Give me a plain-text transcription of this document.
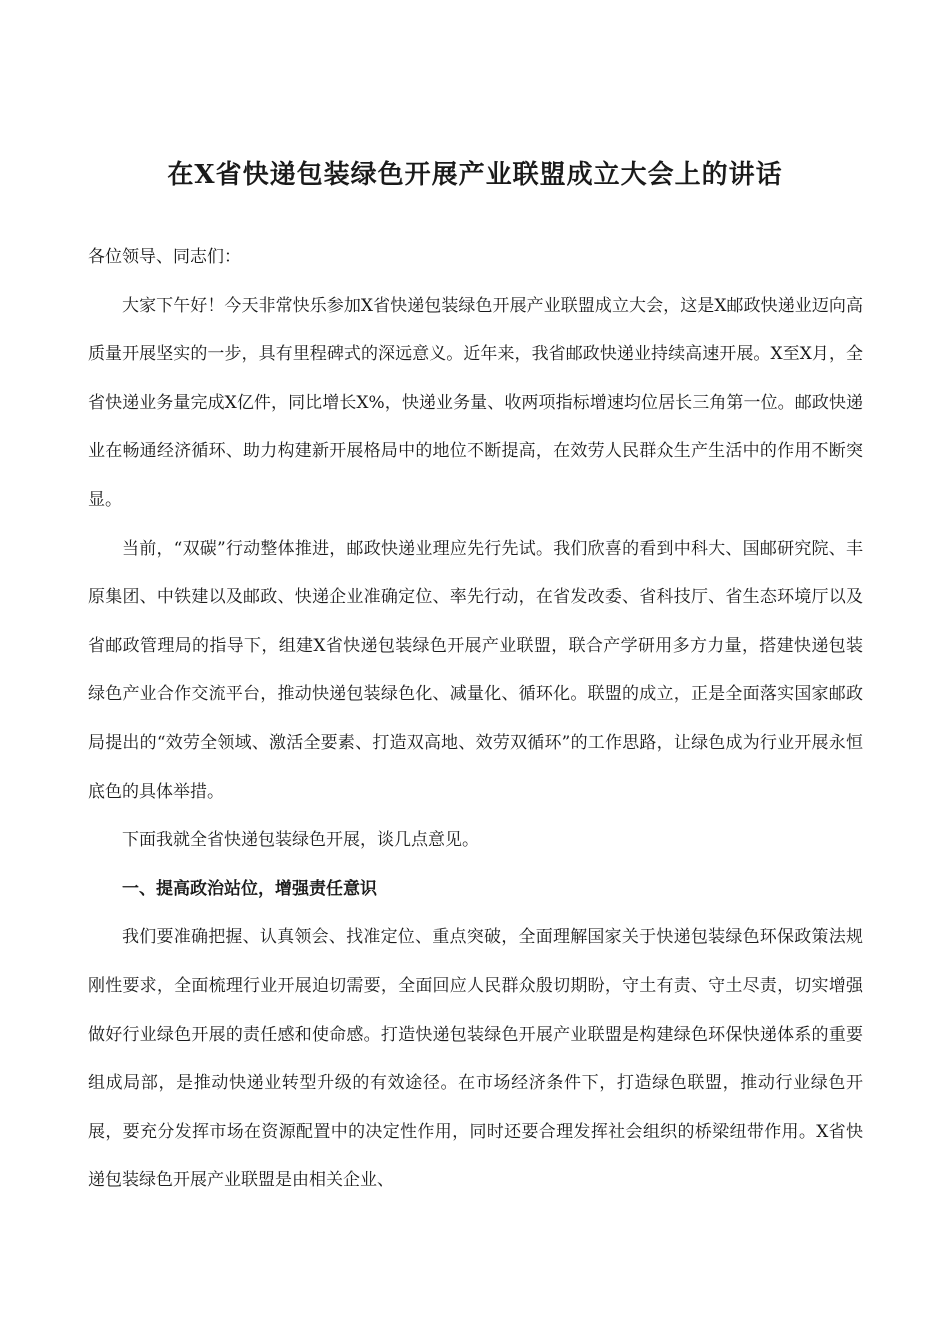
在X省快递包装绿色开展产业联盟成立大会上的讲话

各位领导、同志们：

大家下午好！今天非常快乐参加X省快递包装绿色开展产业联盟成立大会，这是X邮政快递业迈向高质量开展坚实的一步，具有里程碑式的深远意义。近年来，我省邮政快递业持续高速开展。X至X月，全省快递业务量完成X亿件，同比增长X%，快递业务量、收两项指标增速均位居长三角第一位。邮政快递业在畅通经济循环、助力构建新开展格局中的地位不断提高，在效劳人民群众生产生活中的作用不断突显。

当前，“双碳”行动整体推进，邮政快递业理应先行先试。我们欣喜的看到中科大、国邮研究院、丰原集团、中铁建以及邮政、快递企业准确定位、率先行动，在省发改委、省科技厅、省生态环境厅以及省邮政管理局的指导下，组建X省快递包装绿色开展产业联盟，联合产学研用多方力量，搭建快递包装绿色产业合作交流平台，推动快递包装绿色化、减量化、循环化。联盟的成立，正是全面落实国家邮政局提出的“效劳全领域、激活全要素、打造双高地、效劳双循环”的工作思路，让绿色成为行业开展永恒底色的具体举措。

下面我就全省快递包装绿色开展，谈几点意见。

一、提高政治站位，增强责任意识

我们要准确把握、认真领会、找准定位、重点突破，全面理解国家关于快递包装绿色环保政策法规刚性要求，全面梳理行业开展迫切需要，全面回应人民群众殷切期盼，守土有责、守土尽责，切实增强做好行业绿色开展的责任感和使命感。打造快递包装绿色开展产业联盟是构建绿色环保快递体系的重要组成局部，是推动快递业转型升级的有效途径。在市场经济条件下，打造绿色联盟，推动行业绿色开展，要充分发挥市场在资源配置中的决定性作用，同时还要合理发挥社会组织的桥梁纽带作用。X省快递包装绿色开展产业联盟是由相关企业、
